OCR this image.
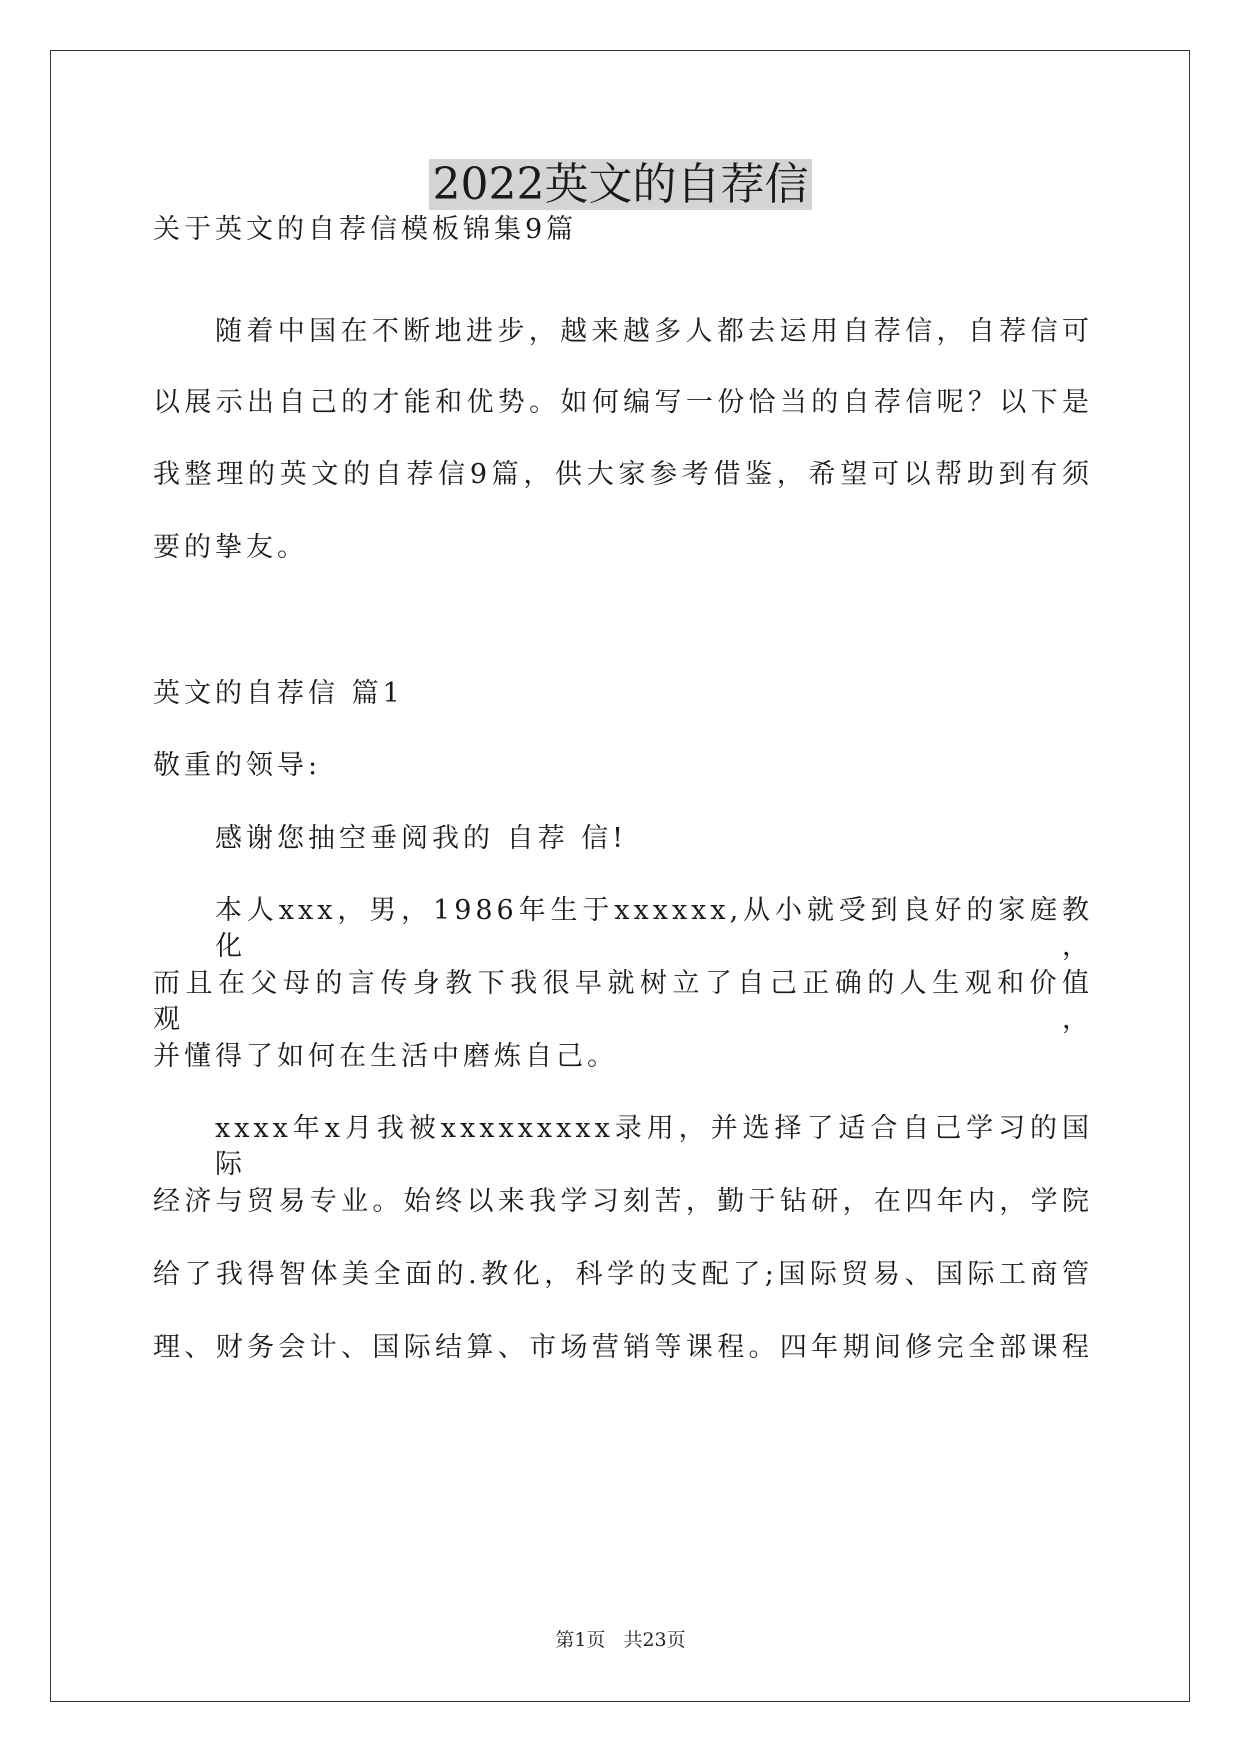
2022英文的自荐信
关于英文的自荐信模板锦集9篇
随着中国在不断地进步，越来越多人都去运用自荐信，自荐信可
以展示出自己的才能和优势。如何编写一份恰当的自荐信呢？以下是
我整理的英文的自荐信9篇，供大家参考借鉴，希望可以帮助到有须
要的挚友。
英文的自荐信 篇1
敬重的领导:
感谢您抽空垂阅我的 自荐 信!
本人xxx，男，1986年生于xxxxxx,从小就受到良好的家庭教化，
而且在父母的言传身教下我很早就树立了自己正确的人生观和价值观，
并懂得了如何在生活中磨炼自己。
xxxx年x月我被xxxxxxxxx录用，并选择了适合自己学习的国际
经济与贸易专业。始终以来我学习刻苦，勤于钻研，在四年内，学院
给了我得智体美全面的.教化，科学的支配了;国际贸易、国际工商管
理、财务会计、国际结算、市场营销等课程。四年期间修完全部课程
第1页 共23页
